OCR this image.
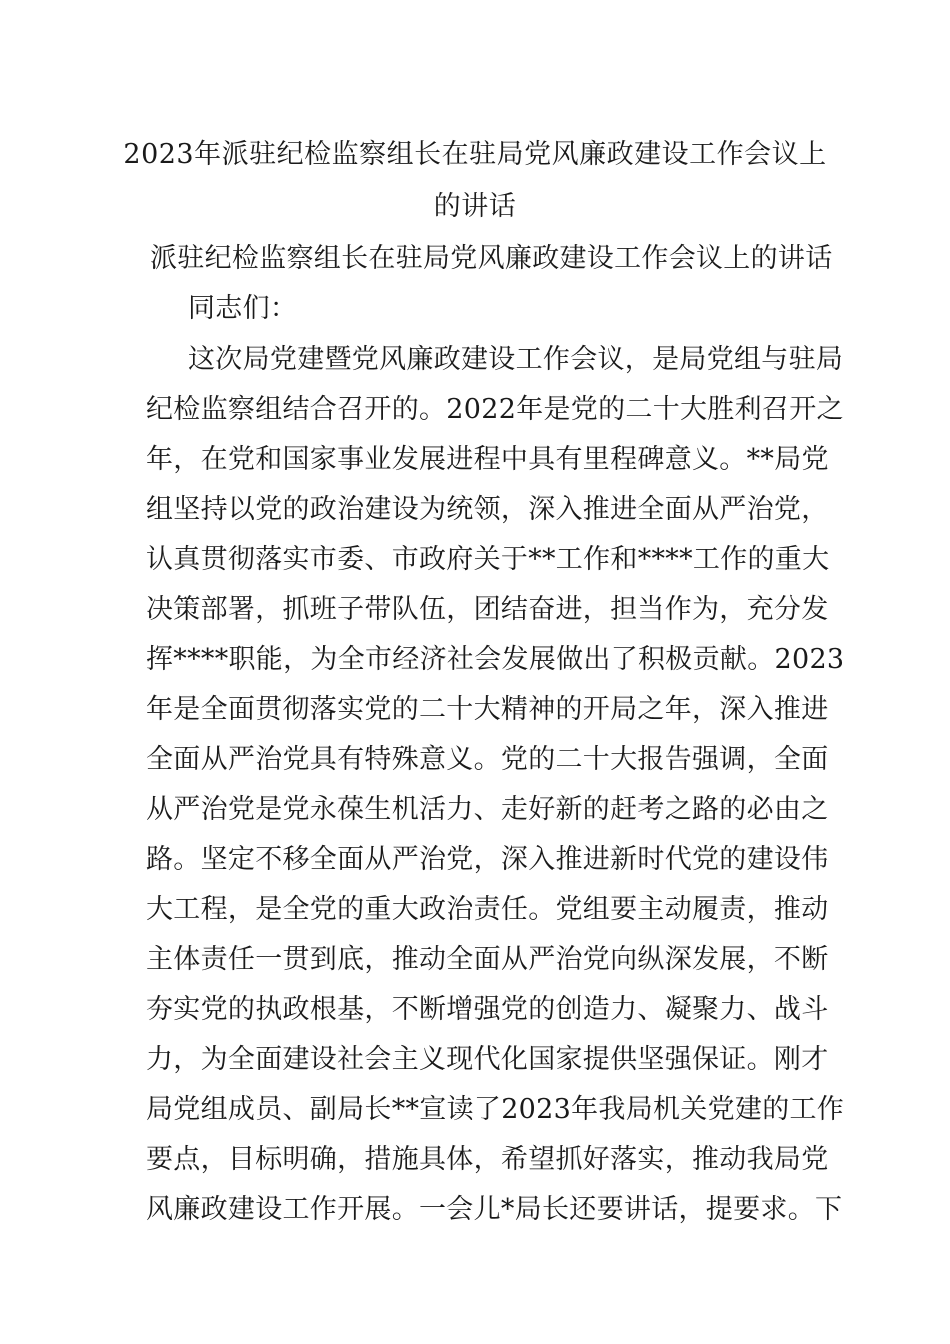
2023年派驻纪检监察组长在驻局党风廉政建设工作会议上
的讲话
派驻纪检监察组长在驻局党风廉政建设工作会议上的讲话
同志们：
这次局党建暨党风廉政建设工作会议，是局党组与驻局
纪检监察组结合召开的。2022年是党的二十大胜利召开之
年，在党和国家事业发展进程中具有里程碑意义。**局党
组坚持以党的政治建设为统领，深入推进全面从严治党，
认真贯彻落实市委、市政府关于**工作和****工作的重大
决策部署，抓班子带队伍，团结奋进，担当作为，充分发
挥****职能，为全市经济社会发展做出了积极贡献。2023
年是全面贯彻落实党的二十大精神的开局之年，深入推进
全面从严治党具有特殊意义。党的二十大报告强调，全面
从严治党是党永葆生机活力、走好新的赶考之路的必由之
路。坚定不移全面从严治党，深入推进新时代党的建设伟
大工程，是全党的重大政治责任。党组要主动履责，推动
主体责任一贯到底，推动全面从严治党向纵深发展，不断
夯实党的执政根基，不断增强党的创造力、凝聚力、战斗
力，为全面建设社会主义现代化国家提供坚强保证。刚才
局党组成员、副局长**宣读了2023年我局机关党建的工作
要点，目标明确，措施具体，希望抓好落实，推动我局党
风廉政建设工作开展。一会儿*局长还要讲话，提要求。下
